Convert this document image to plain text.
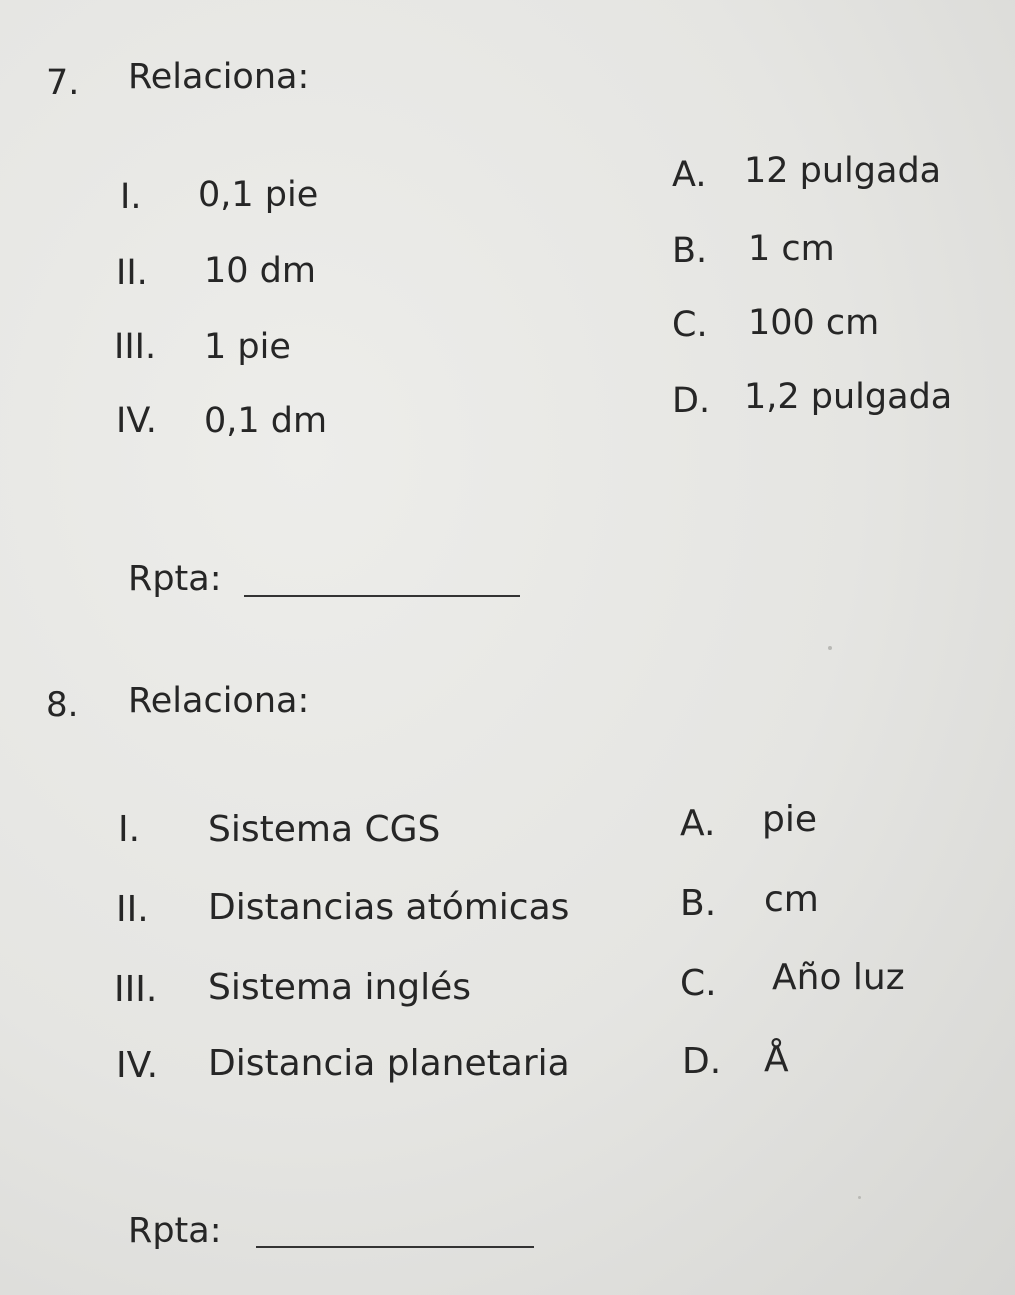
7. Relaciona:
I. 0,1 pie
II. 10 dm
III. 1 pie
IV. 0,1 dm
A. 12 pulgada
B. 1 cm
C. 100 cm
D. 1,2 pulgada
Rpta:
8. Relaciona:
I. Sistema CGS
II. Distancias atómicas
III. Sistema inglés
IV. Distancia planetaria
A. pie
B. cm
C. Año luz
D. Å
Rpta:
